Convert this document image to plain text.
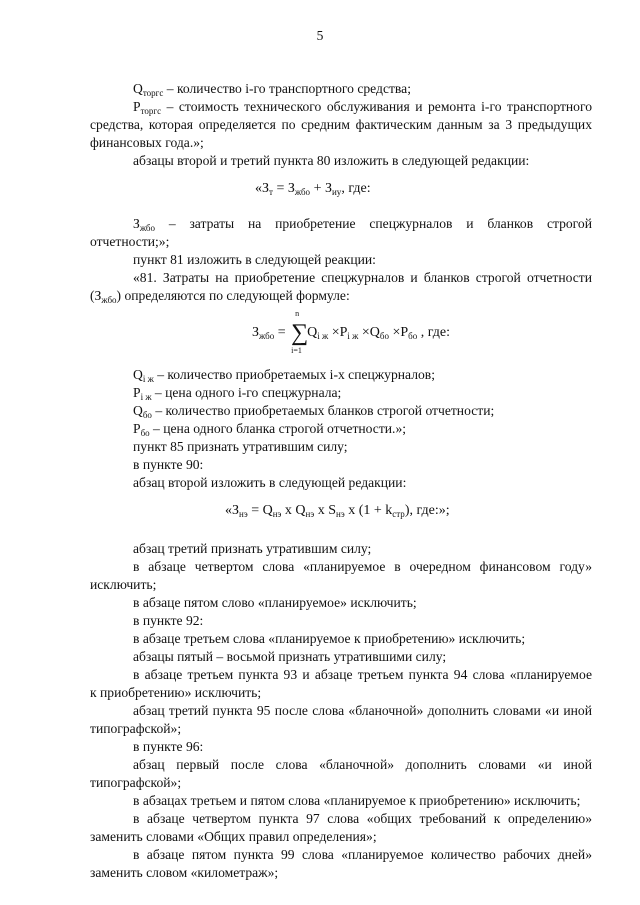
5
$Q_{торгс}$ – количество i-го транспортного средства;
$P_{торгс}$ – стоимость технического обслуживания и ремонта i-го транспортного
средства, которая определяется по средним фактическим данным за 3 предыдущих
финансовых года.»;
абзацы второй и третий пункта 80 изложить в следующей редакции:
«$З_т = З_{жбо} + З_{иу}$, где:
$З_{жбо}$ – затраты на приобретение спецжурналов и бланков строгой
отчетности;»;
пункт 81 изложить в следующей реакции:
«81. Затраты на приобретение спецжурналов и бланков строгой отчетности
$(З_{жбо})$ определяются по следующей формуле:
$З_{жбо}$ =
n
∑
i=1
$Q_{i ж} \times P_{i ж} \times Q_{бо} \times P_{бо}$ , где:
$Q_{i ж}$ – количество приобретаемых i-х спецжурналов;
$P_{i ж}$ – цена одного i-го спецжурнала;
$Q_{бо}$ – количество приобретаемых бланков строгой отчетности;
$P_{бо}$ – цена одного бланка строгой отчетности.»;
пункт 85 признать утратившим силу;
в пункте 90:
абзац второй изложить в следующей редакции:
«$З_{нэ} = Q_{нэ}$ x $Q_{нэ}$ x $S_{нэ}$ x $(1 + k_{стр})$, где:»;
абзац третий признать утратившим силу;
в абзаце четвертом слова «планируемое в очередном финансовом году»
исключить;
в абзаце пятом слово «планируемое» исключить;
в пункте 92:
в абзаце третьем слова «планируемое к приобретению» исключить;
абзацы пятый – восьмой признать утратившими силу;
в абзаце третьем пункта 93 и абзаце третьем пункта 94 слова «планируемое
к приобретению» исключить;
абзац третий пункта 95 после слова «бланочной» дополнить словами «и иной
типографской»;
в пункте 96:
абзац первый после слова «бланочной» дополнить словами «и иной
типографской»;
в абзацах третьем и пятом слова «планируемое к приобретению» исключить;
в абзаце четвертом пункта 97 слова «общих требований к определению»
заменить словами «Общих правил определения»;
в абзаце пятом пункта 99 слова «планируемое количество рабочих дней»
заменить словом «километраж»;
